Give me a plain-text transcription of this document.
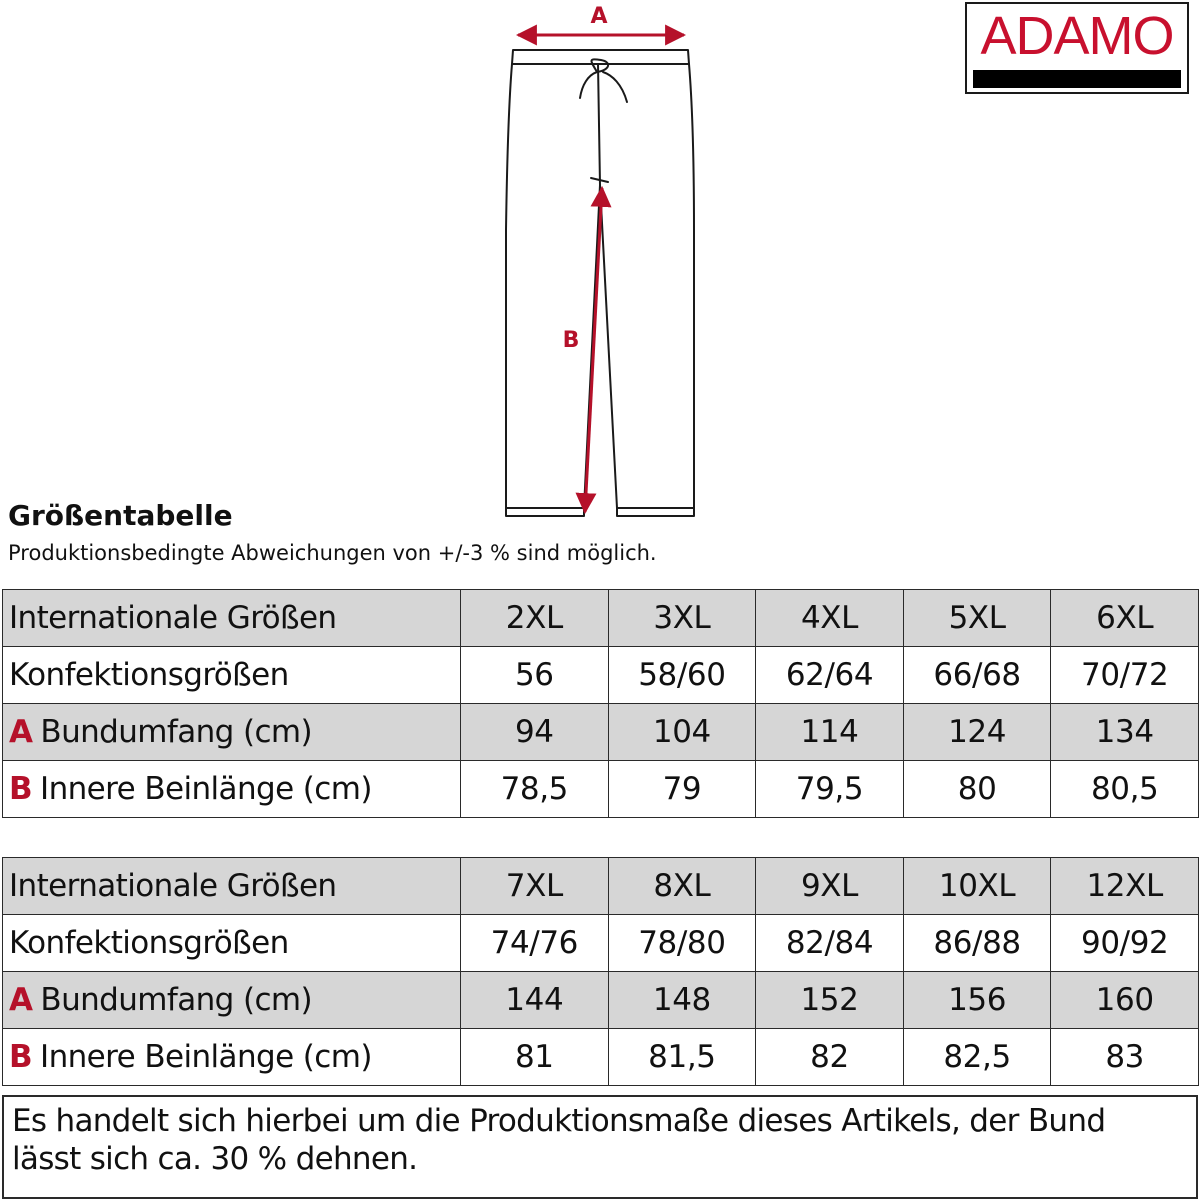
A
B
ADAMO
Größentabelle

Produktionsbedingte Abweichungen von +/-3 % sind möglich.

Internationale Größen	2XL	3XL	4XL	5XL	6XL
Konfektionsgrößen	56	58/60	62/64	66/68	70/72
A Bundumfang (cm)	94	104	114	124	134
B Innere Beinlänge (cm)	78,5	79	79,5	80	80,5
Internationale Größen	7XL	8XL	9XL	10XL	12XL
Konfektionsgrößen	74/76	78/80	82/84	86/88	90/92
A Bundumfang (cm)	144	148	152	156	160
B Innere Beinlänge (cm)	81	81,5	82	82,5	83
Es handelt sich hierbei um die Produktionsmaße dieses Artikels, der Bund
lässt sich ca. 30 % dehnen.
